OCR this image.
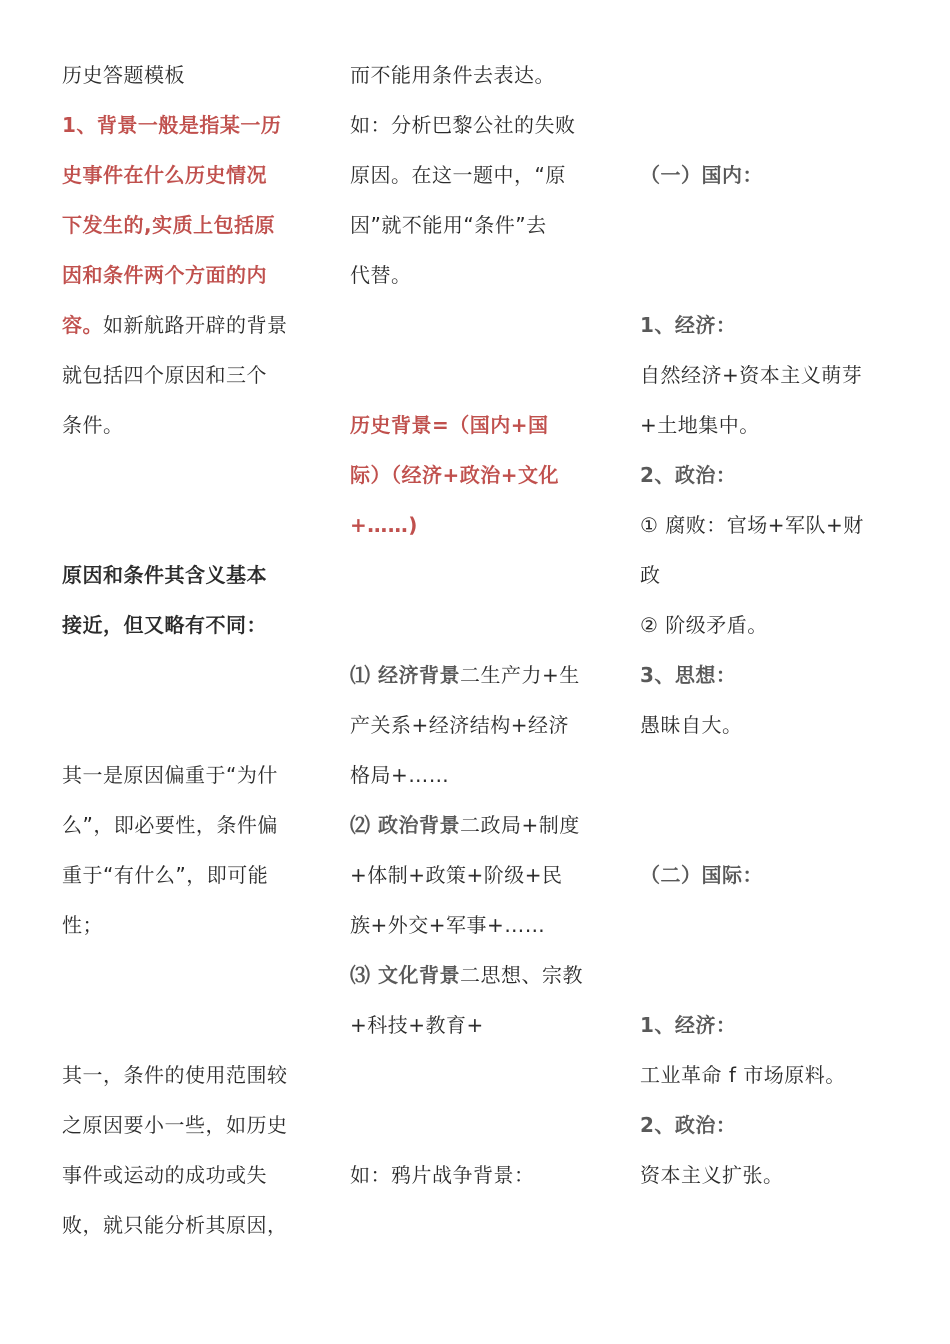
历史答题模板
1、背景一般是指某一历
史事件在什么历史情况
下发生的,实质上包括原
因和条件两个方面的内
容。如新航路开辟的背景
就包括四个原因和三个
条件。
原因和条件其含义基本
接近，但又略有不同：
其一是原因偏重于“为什
么”，即必要性，条件偏
重于“有什么”，即可能
性；
其一，条件的使用范围较
之原因要小一些，如历史
事件或运动的成功或失
败，就只能分析其原因，
而不能用条件去表达。
如：分析巴黎公社的失败
原因。在这一题中，“原
因”就不能用“条件”去
代替。
历史背景=（国内+国
际）（经济+政治+文化
+……)
⑴ 经济背景二生产力+生
产关系+经济结构+经济
格局+……
⑵ 政治背景二政局+制度
+体制+政策+阶级+民
族+外交+军事+……
⑶ 文化背景二思想、宗教
+科技+教育+
如：鸦片战争背景：
（一）国内：
1、经济：
自然经济+资本主义萌芽
+土地集中。
2、政治：
① 腐败：官场+军队+财
政
② 阶级矛盾。
3、思想：
愚昧自大。
（二）国际：
1、经济：
工业革命 f 市场原料。
2、政治：
资本主义扩张。
